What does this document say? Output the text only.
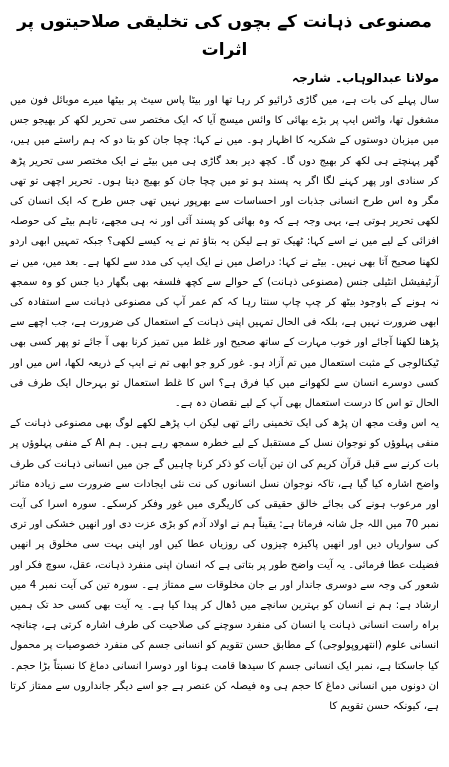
مصنوعی ذہانت کے بچوں کی تخلیقی صلاحیتوں پر اثرات
مولانا عبدالوہاب۔ شارجہ

سال پہلے کی بات ہے، میں گاڑی ڈرائیو کر رہا تھا اور بیٹا پاس سیٹ پر بیٹھا میرے موبائل فون میں مشغول تھا، واٹس ایپ پر بڑے بھائی کا وائس میسج آیا کہ ایک مختصر سی تحریر لکھ کر بھیجو جس میں میزبان دوستوں کے شکریہ کا اظہار ہو۔ میں نے کہا: چچا جان کو بتا دو کہ ہم راستے میں ہیں، گھر پہنچتے ہی لکھ کر بھیج دوں گا۔ کچھ دیر بعد گاڑی ہی میں بیٹے نے ایک مختصر سی تحریر پڑھ کر سنادی اور پھر کہنے لگا اگر یہ پسند ہو تو میں چچا جان کو بھیج دیتا ہوں۔ تحریر اچھی تو تھی مگر وہ اس طرح انسانی جذبات اور احساسات سے بھرپور نہیں تھی جس طرح کہ ایک انسان کی لکھی تحریر ہوتی ہے، یہی وجہ ہے کہ وہ بھائی کو پسند آئی اور نہ ہی مجھے، تاہم بیٹے کی حوصلہ افزائی کے لیے میں نے اسے کہا: ٹھیک تو ہے لیکن یہ بتاؤ تم نے یہ کیسے لکھی؟ جبکہ تمہیں ابھی اردو لکھنا صحیح آتا بھی نہیں۔ بیٹے نے کہا: دراصل میں نے ایک ایپ کی مدد سے لکھا ہے۔ بعد میں، میں نے آرٹیفیشل انٹیلی جنس (مصنوعی ذہانت) کے حوالے سے کچھ فلسفہ بھی بگھار دیا جس کو وہ سمجھ نہ ہونے کے باوجود بیٹھ کر چپ چاپ سنتا رہا کہ کم عمر آپ کی مصنوعی ذہانت سے استفادہ کی ابھی ضرورت نہیں ہے، بلکہ فی الحال تمہیں اپنی ذہانت کے استعمال کی ضرورت ہے، جب اچھے سے پڑھنا لکھنا آجائے اور خوب مہارت کے ساتھ صحیح اور غلط میں تمیز کرنا بھی آ جائے تو پھر کسی بھی ٹیکنالوجی کے مثبت استعمال میں تم آزاد ہو۔ غور کرو جو ابھی تم نے ایپ کے ذریعہ لکھا، اس میں اور کسی دوسرے انسان سے لکھوانے میں کیا فرق ہے؟ اس کا غلط استعمال تو بہرحال ایک طرف فی الحال تو اس کا درست استعمال بھی آپ کے لیے نقصان دہ ہے۔

یہ اس وقت مجھ ان پڑھ کی ایک تخمینی رائے تھی لیکن اب پڑھے لکھے لوگ بھی مصنوعی ذہانت کے منفی پہلوؤں کو نوجوان نسل کے مستقبل کے لیے خطرہ سمجھ رہے ہیں۔ ہم AI کے منفی پہلوؤں پر بات کرنے سے قبل قرآن کریم کی ان تین آیات کو ذکر کرنا چاہیں گے جن میں انسانی ذہانت کی طرف واضح اشارہ کیا گیا ہے، تاکہ نوجوان نسل انسانوں کی نت نئی ایجادات سے ضرورت سے زیادہ متاثر اور مرعوب ہونے کی بجائے خالق حقیقی کی کاریگری میں غور وفکر کرسکے۔ سورہ اسرا کی آیت نمبر 70 میں اللہ جل شانہ فرماتا ہے: یقیناً ہم نے اولاد آدم کو بڑی عزت دی اور انھیں خشکی اور تری کی سواریاں دیں اور انھیں پاکیزہ چیزوں کی روزیاں عطا کیں اور اپنی بہت سی مخلوق پر انھیں فضیلت عطا فرمائی۔ یہ آیت واضح طور پر بتاتی ہے کہ انسان اپنی منفرد ذہانت، عقل، سوچ فکر اور شعور کی وجہ سے دوسری جاندار اور بے جان مخلوقات سے ممتاز ہے۔ سورہ تین کی آیت نمبر 4 میں ارشاد ہے: ہم نے انسان کو بہترین سانچے میں ڈھال کر پیدا کیا ہے۔ یہ آیت بھی کسی حد تک ہمیں براہ راست انسانی ذہانت یا انسان کی منفرد سوچنے کی صلاحیت کی طرف اشارہ کرتی ہے، چنانچہ انسانی علوم (انتھروپولوجی) کے مطابق حسن تقویم کو انسانی جسم کی منفرد خصوصیات پر محمول کیا جاسکتا ہے، نمبر ایک انسانی جسم کا سیدھا قامت ہونا اور دوسرا انسانی دماغ کا نسبتاً بڑا حجم۔ ان دونوں میں انسانی دماغ کا حجم ہی وہ فیصلہ کن عنصر ہے جو اسے دیگر جانداروں سے ممتاز کرتا ہے، کیونکہ حسن تقویم کا
